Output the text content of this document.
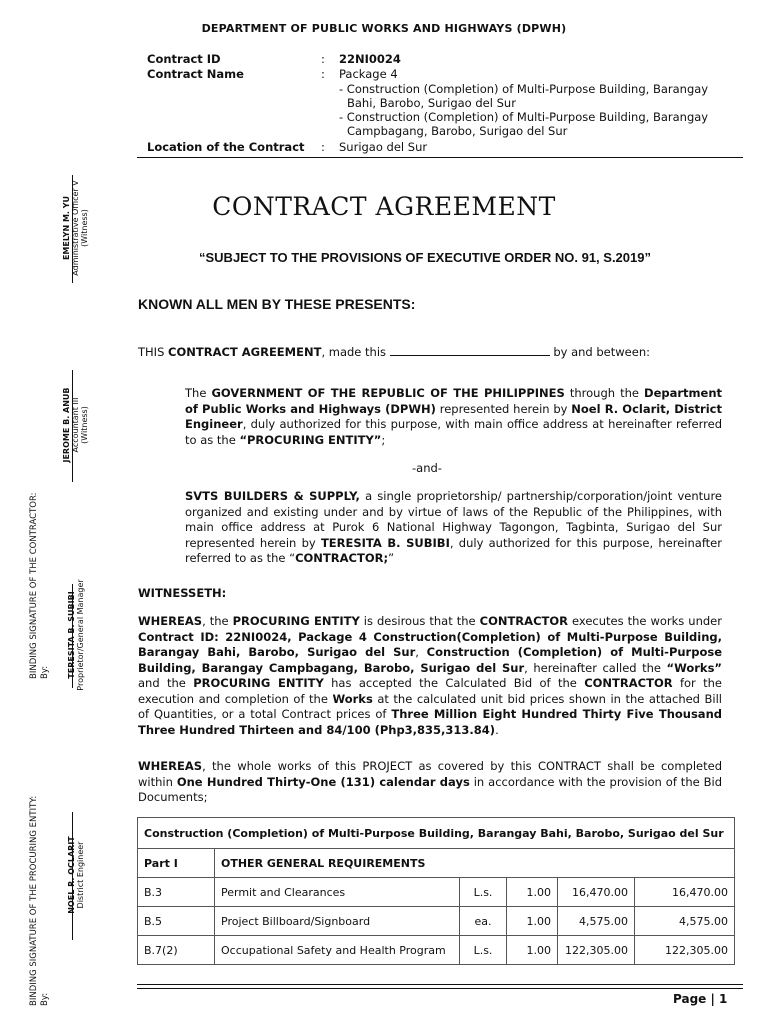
DEPARTMENT OF PUBLIC WORKS AND HIGHWAYS (DPWH)
Contract ID	: 22NI0024
Contract Name	: Package 4
- Construction (Completion) of Multi-Purpose Building, Barangay
Bahi, Barobo, Surigao del Sur
- Construction (Completion) of Multi-Purpose Building, Barangay
Campbagang, Barobo, Surigao del Sur
Location of the Contract : Surigao del Sur
CONTRACT AGREEMENT
“SUBJECT TO THE PROVISIONS OF EXECUTIVE ORDER NO. 91, S.2019”
KNOWN ALL MEN BY THESE PRESENTS:
THIS CONTRACT AGREEMENT, made this	by and between:
The GOVERNMENT OF THE REPUBLIC OF THE PHILIPPINES through the Department of Public Works and Highways (DPWH) represented herein by Noel R. Oclarit, District Engineer, duly authorized for this purpose, with main office address at hereinafter referred to as the “PROCURING ENTITY”;
-and-
SVTS BUILDERS & SUPPLY, a single proprietorship/ partnership/corporation/joint venture organized and existing under and by virtue of laws of the Republic of the Philippines, with main office address at Purok 6 National Highway Tagongon, Tagbinta, Surigao del Sur represented herein by TERESITA B. SUBIBI, duly authorized for this purpose, hereinafter referred to as the “CONTRACTOR;”
WITNESSETH:
WHEREAS, the PROCURING ENTITY is desirous that the CONTRACTOR executes the works under Contract ID: 22NI0024, Package 4 Construction(Completion) of Multi-Purpose Building, Barangay Bahi, Barobo, Surigao del Sur, Construction (Completion) of Multi-Purpose Building, Barangay Campbagang, Barobo, Surigao del Sur, hereinafter called the “Works” and the PROCURING ENTITY has accepted the Calculated Bid of the CONTRACTOR for the execution and completion of the Works at the calculated unit bid prices shown in the attached Bill of Quantities, or a total Contract prices of Three Million Eight Hundred Thirty Five Thousand Three Hundred Thirteen and 84/100 (Php3,835,313.84).
WHEREAS, the whole works of this PROJECT as covered by this CONTRACT shall be completed within One Hundred Thirty-One (131) calendar days in accordance with the provision of the Bid Documents;
Construction (Completion) of Multi-Purpose Building, Barangay Bahi, Barobo, Surigao del Sur					
Part I	OTHER GENERAL REQUIREMENTS				
B.3	Permit and Clearances	L.s.	1.00	16,470.00	16,470.00
B.5	Project Billboard/Signboard	ea.	1.00	4,575.00	4,575.00
B.7(2)	Occupational Safety and Health Program	L.s.	1.00	122,305.00	122,305.00
EMELYN M. YU Administrative Officer V (Witness)
JEROME B. ANUB Accountant III (Witness)
TERESITA B. SUBIBI Proprietor/General Manager
NOEL R. OCLARIT District Engineer
BINDING SIGNATURE OF THE CONTRACTOR: By:
BINDING SIGNATURE OF THE PROCURING ENTITY: By:	Page | 1
